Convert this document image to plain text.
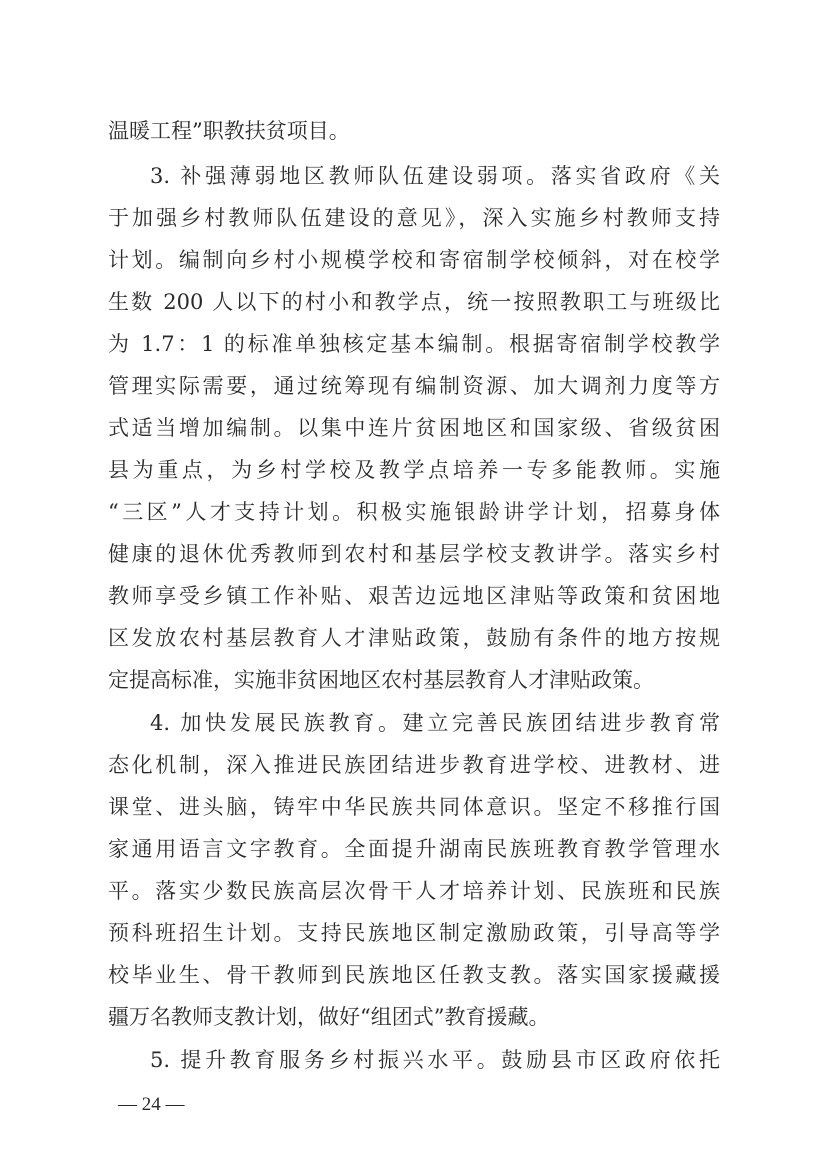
温暖工程”职教扶贫项目。
3. 补强薄弱地区教师队伍建设弱项。落实省政府《关
于加强乡村教师队伍建设的意见》，深入实施乡村教师支持
计划。编制向乡村小规模学校和寄宿制学校倾斜，对在校学
生数 200 人以下的村小和教学点，统一按照教职工与班级比
为 1.7：1 的标准单独核定基本编制。根据寄宿制学校教学
管理实际需要，通过统筹现有编制资源、加大调剂力度等方
式适当增加编制。以集中连片贫困地区和国家级、省级贫困
县为重点，为乡村学校及教学点培养一专多能教师。实施
“三区”人才支持计划。积极实施银龄讲学计划，招募身体
健康的退休优秀教师到农村和基层学校支教讲学。落实乡村
教师享受乡镇工作补贴、艰苦边远地区津贴等政策和贫困地
区发放农村基层教育人才津贴政策，鼓励有条件的地方按规
定提高标准，实施非贫困地区农村基层教育人才津贴政策。
4. 加快发展民族教育。建立完善民族团结进步教育常
态化机制，深入推进民族团结进步教育进学校、进教材、进
课堂、进头脑，铸牢中华民族共同体意识。坚定不移推行国
家通用语言文字教育。全面提升湖南民族班教育教学管理水
平。落实少数民族高层次骨干人才培养计划、民族班和民族
预科班招生计划。支持民族地区制定激励政策，引导高等学
校毕业生、骨干教师到民族地区任教支教。落实国家援藏援
疆万名教师支教计划，做好“组团式”教育援藏。
5. 提升教育服务乡村振兴水平。鼓励县市区政府依托
— 24 —
